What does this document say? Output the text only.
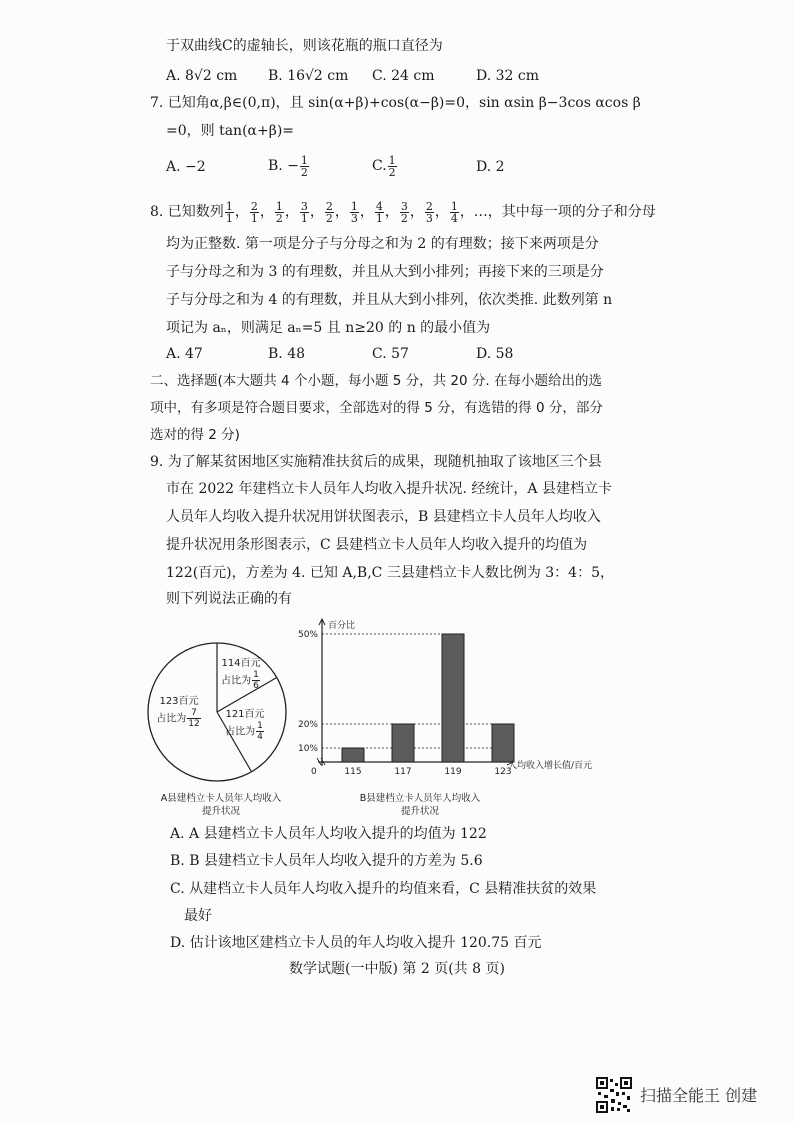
于双曲线C的虚轴长，则该花瓶的瓶口直径为
A. 8√2 cm B. 16√2 cm C. 24 cm	D. 32 cm
7. 已知角α,β∈(0,π)，且 sin(α+β)+cos(α−β)=0，sin αsin β−3cos αcos β
=0，则 tan(α+β)=
A. −2	B. − $\frac{1}{2}$	C. $\frac{1}{2}$	D. 2
8. 已知数列 $\frac{1}{1}$ ， $\frac{2}{1}$ ， $\frac{1}{2}$ ， $\frac{3}{1}$ ， $\frac{2}{2}$ ， $\frac{1}{3}$ ， $\frac{4}{1}$ ， $\frac{3}{2}$ ， $\frac{2}{3}$ ， $\frac{1}{4}$ ，…，其中每一项的分子和分母
均为正整数. 第一项是分子与分母之和为 2 的有理数；接下来两项是分
子与分母之和为 3 的有理数，并且从大到小排列；再接下来的三项是分
子与分母之和为 4 的有理数，并且从大到小排列，依次类推. 此数列第 n
项记为 aₙ，则满足 aₙ=5 且 n≥20 的 n 的最小值为
A. 47	B. 48	C. 57	D. 58
二、选择题(本大题共 4 个小题，每小题 5 分，共 20 分. 在每小题给出的选
项中，有多项是符合题目要求，全部选对的得 5 分，有选错的得 0 分，部分
选对的得 2 分)
9. 为了解某贫困地区实施精准扶贫后的成果，现随机抽取了该地区三个县
市在 2022 年建档立卡人员年人均收入提升状况. 经统计，A 县建档立卡
人员年人均收入提升状况用饼状图表示，B 县建档立卡人员年人均收入
提升状况用条形图表示，C 县建档立卡人员年人均收入提升的均值为
122(百元)，方差为 4. 已知 A,B,C 三县建档立卡人数比例为 3：4：5，
则下列说法正确的有
114百元
占比为 $\frac{1}{6}$
121百元
占比为 $\frac{1}{4}$
123百元
占比为 $\frac{7}{12}$
A县建档立卡人员年人均收入
提升状况
百分比
0
10%
20%
50%
115	117	119	123
人均收入增长值/百元
B县建档立卡人员年人均收入
提升状况
A. A 县建档立卡人员年人均收入提升的均值为 122
B. B 县建档立卡人员年人均收入提升的方差为 5.6
C. 从建档立卡人员年人均收入提升的均值来看，C 县精准扶贫的效果
最好
D. 估计该地区建档立卡人员的年人均收入提升 120.75 百元
数学试题(一中版) 第 2 页(共 8 页)
扫描全能王 创建
